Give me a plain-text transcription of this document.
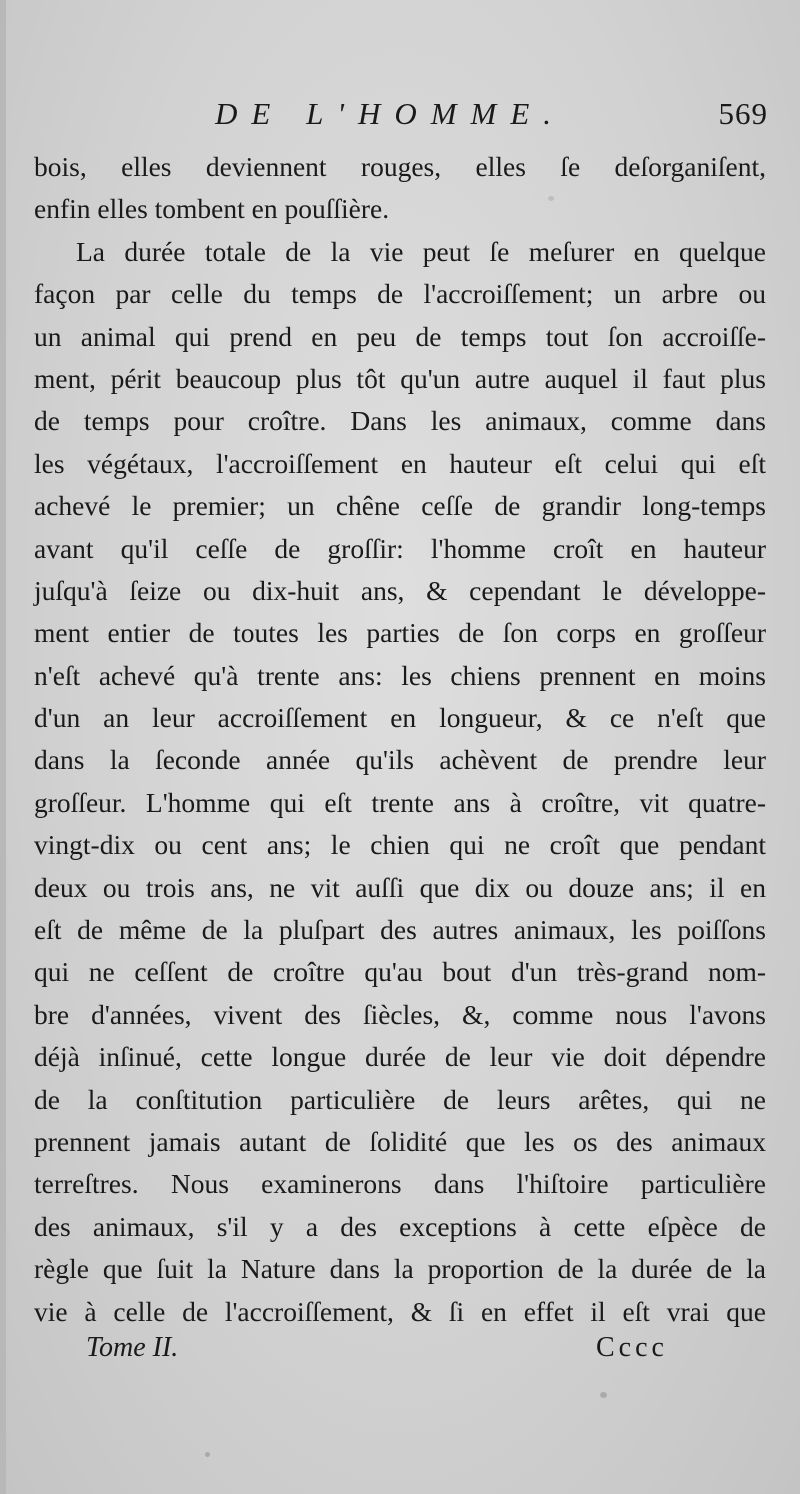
DE L'HOMME.	569
bois, elles deviennent rouges, elles ſe deſorganiſent,
enfin elles tombent en pouſſière.
La durée totale de la vie peut ſe meſurer en quelque
façon par celle du temps de l'accroiſſement; un arbre ou
un animal qui prend en peu de temps tout ſon accroiſſe-
ment, périt beaucoup plus tôt qu'un autre auquel il faut plus
de temps pour croître. Dans les animaux, comme dans
les végétaux, l'accroiſſement en hauteur eſt celui qui eſt
achevé le premier; un chêne ceſſe de grandir long-temps
avant qu'il ceſſe de groſſir: l'homme croît en hauteur
juſqu'à ſeize ou dix-huit ans, & cependant le développe-
ment entier de toutes les parties de ſon corps en groſſeur
n'eſt achevé qu'à trente ans: les chiens prennent en moins
d'un an leur accroiſſement en longueur, & ce n'eſt que
dans la ſeconde année qu'ils achèvent de prendre leur
groſſeur. L'homme qui eſt trente ans à croître, vit quatre-
vingt-dix ou cent ans; le chien qui ne croît que pendant
deux ou trois ans, ne vit auſſi que dix ou douze ans; il en
eſt de même de la pluſpart des autres animaux, les poiſſons
qui ne ceſſent de croître qu'au bout d'un très-grand nom-
bre d'années, vivent des ſiècles, &, comme nous l'avons
déjà inſinué, cette longue durée de leur vie doit dépendre
de la conſtitution particulière de leurs arêtes, qui ne
prennent jamais autant de ſolidité que les os des animaux
terreſtres. Nous examinerons dans l'hiſtoire particulière
des animaux, s'il y a des exceptions à cette eſpèce de
règle que ſuit la Nature dans la proportion de la durée de la
vie à celle de l'accroiſſement, & ſi en effet il eſt vrai que
Tome II.	Cccc
